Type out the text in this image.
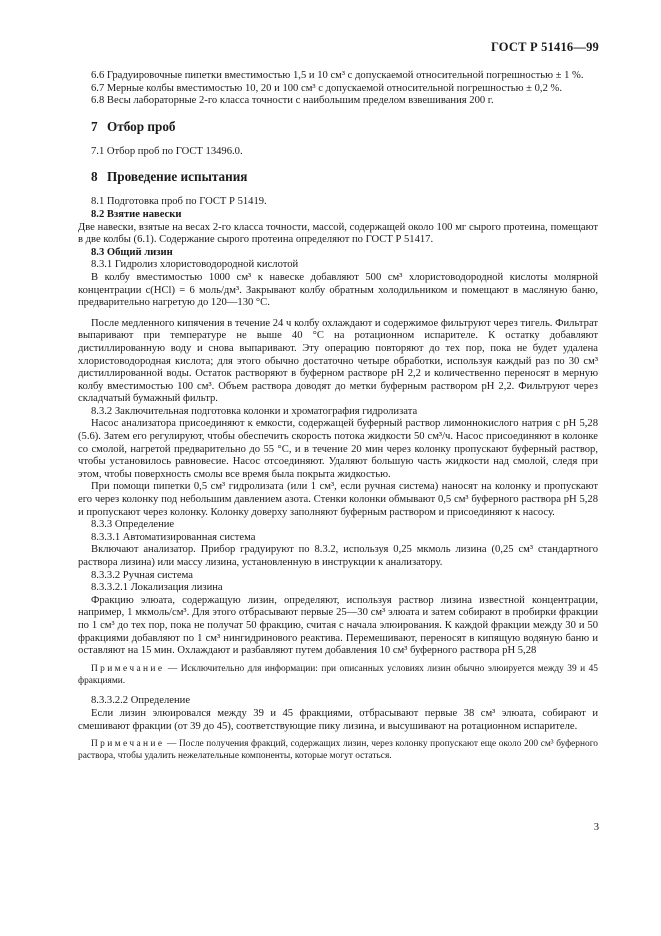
ГОСТ Р 51416—99

6.6 Градуировочные пипетки вместимостью 1,5 и 10 см³ с допускаемой относительной погрешностью ± 1 %.

6.7 Мерные колбы вместимостью 10, 20 и 100 см³ с допускаемой относительной погрешностью ± 0,2 %.

6.8 Весы лабораторные 2-го класса точности с наибольшим пределом взвешивания 200 г.

7 Отбор проб

7.1 Отбор проб по ГОСТ 13496.0.

8 Проведение испытания

8.1 Подготовка проб по ГОСТ Р 51419.

8.2 Взятие навески

Две навески, взятые на весах 2-го класса точности, массой, содержащей около 100 мг сырого протеина, помещают в две колбы (6.1). Содержание сырого протеина определяют по ГОСТ Р 51417.

8.3 Общий лизин

8.3.1 Гидролиз хлористоводородной кислотой

В колбу вместимостью 1000 см³ к навеске добавляют 500 см³ хлористоводородной кислоты молярной концентрации c(HCl) = 6 моль/дм³. Закрывают колбу обратным холодильником и помещают в масляную баню, предварительно нагретую до 120—130 °С.

После медленного кипячения в течение 24 ч колбу охлаждают и содержимое фильтруют через тигель. Фильтрат выпаривают при температуре не выше 40 °С на ротационном испарителе. К остатку добавляют дистиллированную воду и снова выпаривают. Эту операцию повторяют до тех пор, пока не будет удалена хлористоводородная кислота; для этого обычно достаточно четыре обработки, используя каждый раз по 30 см³ дистиллированной воды. Остаток растворяют в буферном растворе pH 2,2 и количественно переносят в мерную колбу вместимостью 100 см³. Объем раствора доводят до метки буферным раствором pH 2,2. Фильтруют через складчатый бумажный фильтр.

8.3.2 Заключительная подготовка колонки и хроматография гидролизата

Насос анализатора присоединяют к емкости, содержащей буферный раствор лимоннокислого натрия с pH 5,28 (5.6). Затем его регулируют, чтобы обеспечить скорость потока жидкости 50 см³/ч. Насос присоединяют в колонке со смолой, нагретой предварительно до 55 °С, и в течение 20 мин через колонку пропускают буферный раствор, чтобы установилось равновесие. Насос отсоединяют. Удаляют большую часть жидкости над смолой, следя при этом, чтобы поверхность смолы все время была покрыта жидкостью.

При помощи пипетки 0,5 см³ гидролизата (или 1 см³, если ручная система) наносят на колонку и пропускают его через колонку под небольшим давлением азота. Стенки колонки обмывают 0,5 см³ буферного раствора pH 5,28 и пропускают через колонку. Колонку доверху заполняют буферным раствором и присоединяют к насосу.

8.3.3 Определение

8.3.3.1 Автоматизированная система

Включают анализатор. Прибор градуируют по 8.3.2, используя 0,25 мкмоль лизина (0,25 см³ стандартного раствора лизина) или массу лизина, установленную в инструкции к анализатору.

8.3.3.2 Ручная система

8.3.3.2.1 Локализация лизина

Фракцию элюата, содержащую лизин, определяют, используя раствор лизина известной концентрации, например, 1 мкмоль/см³. Для этого отбрасывают первые 25—30 см³ элюата и затем собирают в пробирки фракции по 1 см³ до тех пор, пока не получат 50 фракцию, считая с начала элюирования. К каждой фракции между 30 и 50 фракциями добавляют по 1 см³ нингидринового реактива. Перемешивают, переносят в кипящую водяную баню и оставляют на 15 мин. Охлаждают и разбавляют путем добавления 10 см³ буферного раствора pH 5,28

Примечание — Исключительно для информации: при описанных условиях лизин обычно элюируется между 39 и 45 фракциями.

8.3.3.2.2 Определение

Если лизин элюировался между 39 и 45 фракциями, отбрасывают первые 38 см³ элюата, собирают и смешивают фракции (от 39 до 45), соответствующие пику лизина, и высушивают на ротационном испарителе.

Примечание — После получения фракций, содержащих лизин, через колонку пропускают еще около 200 см³ буферного раствора, чтобы удалить нежелательные компоненты, которые могут остаться.

3
